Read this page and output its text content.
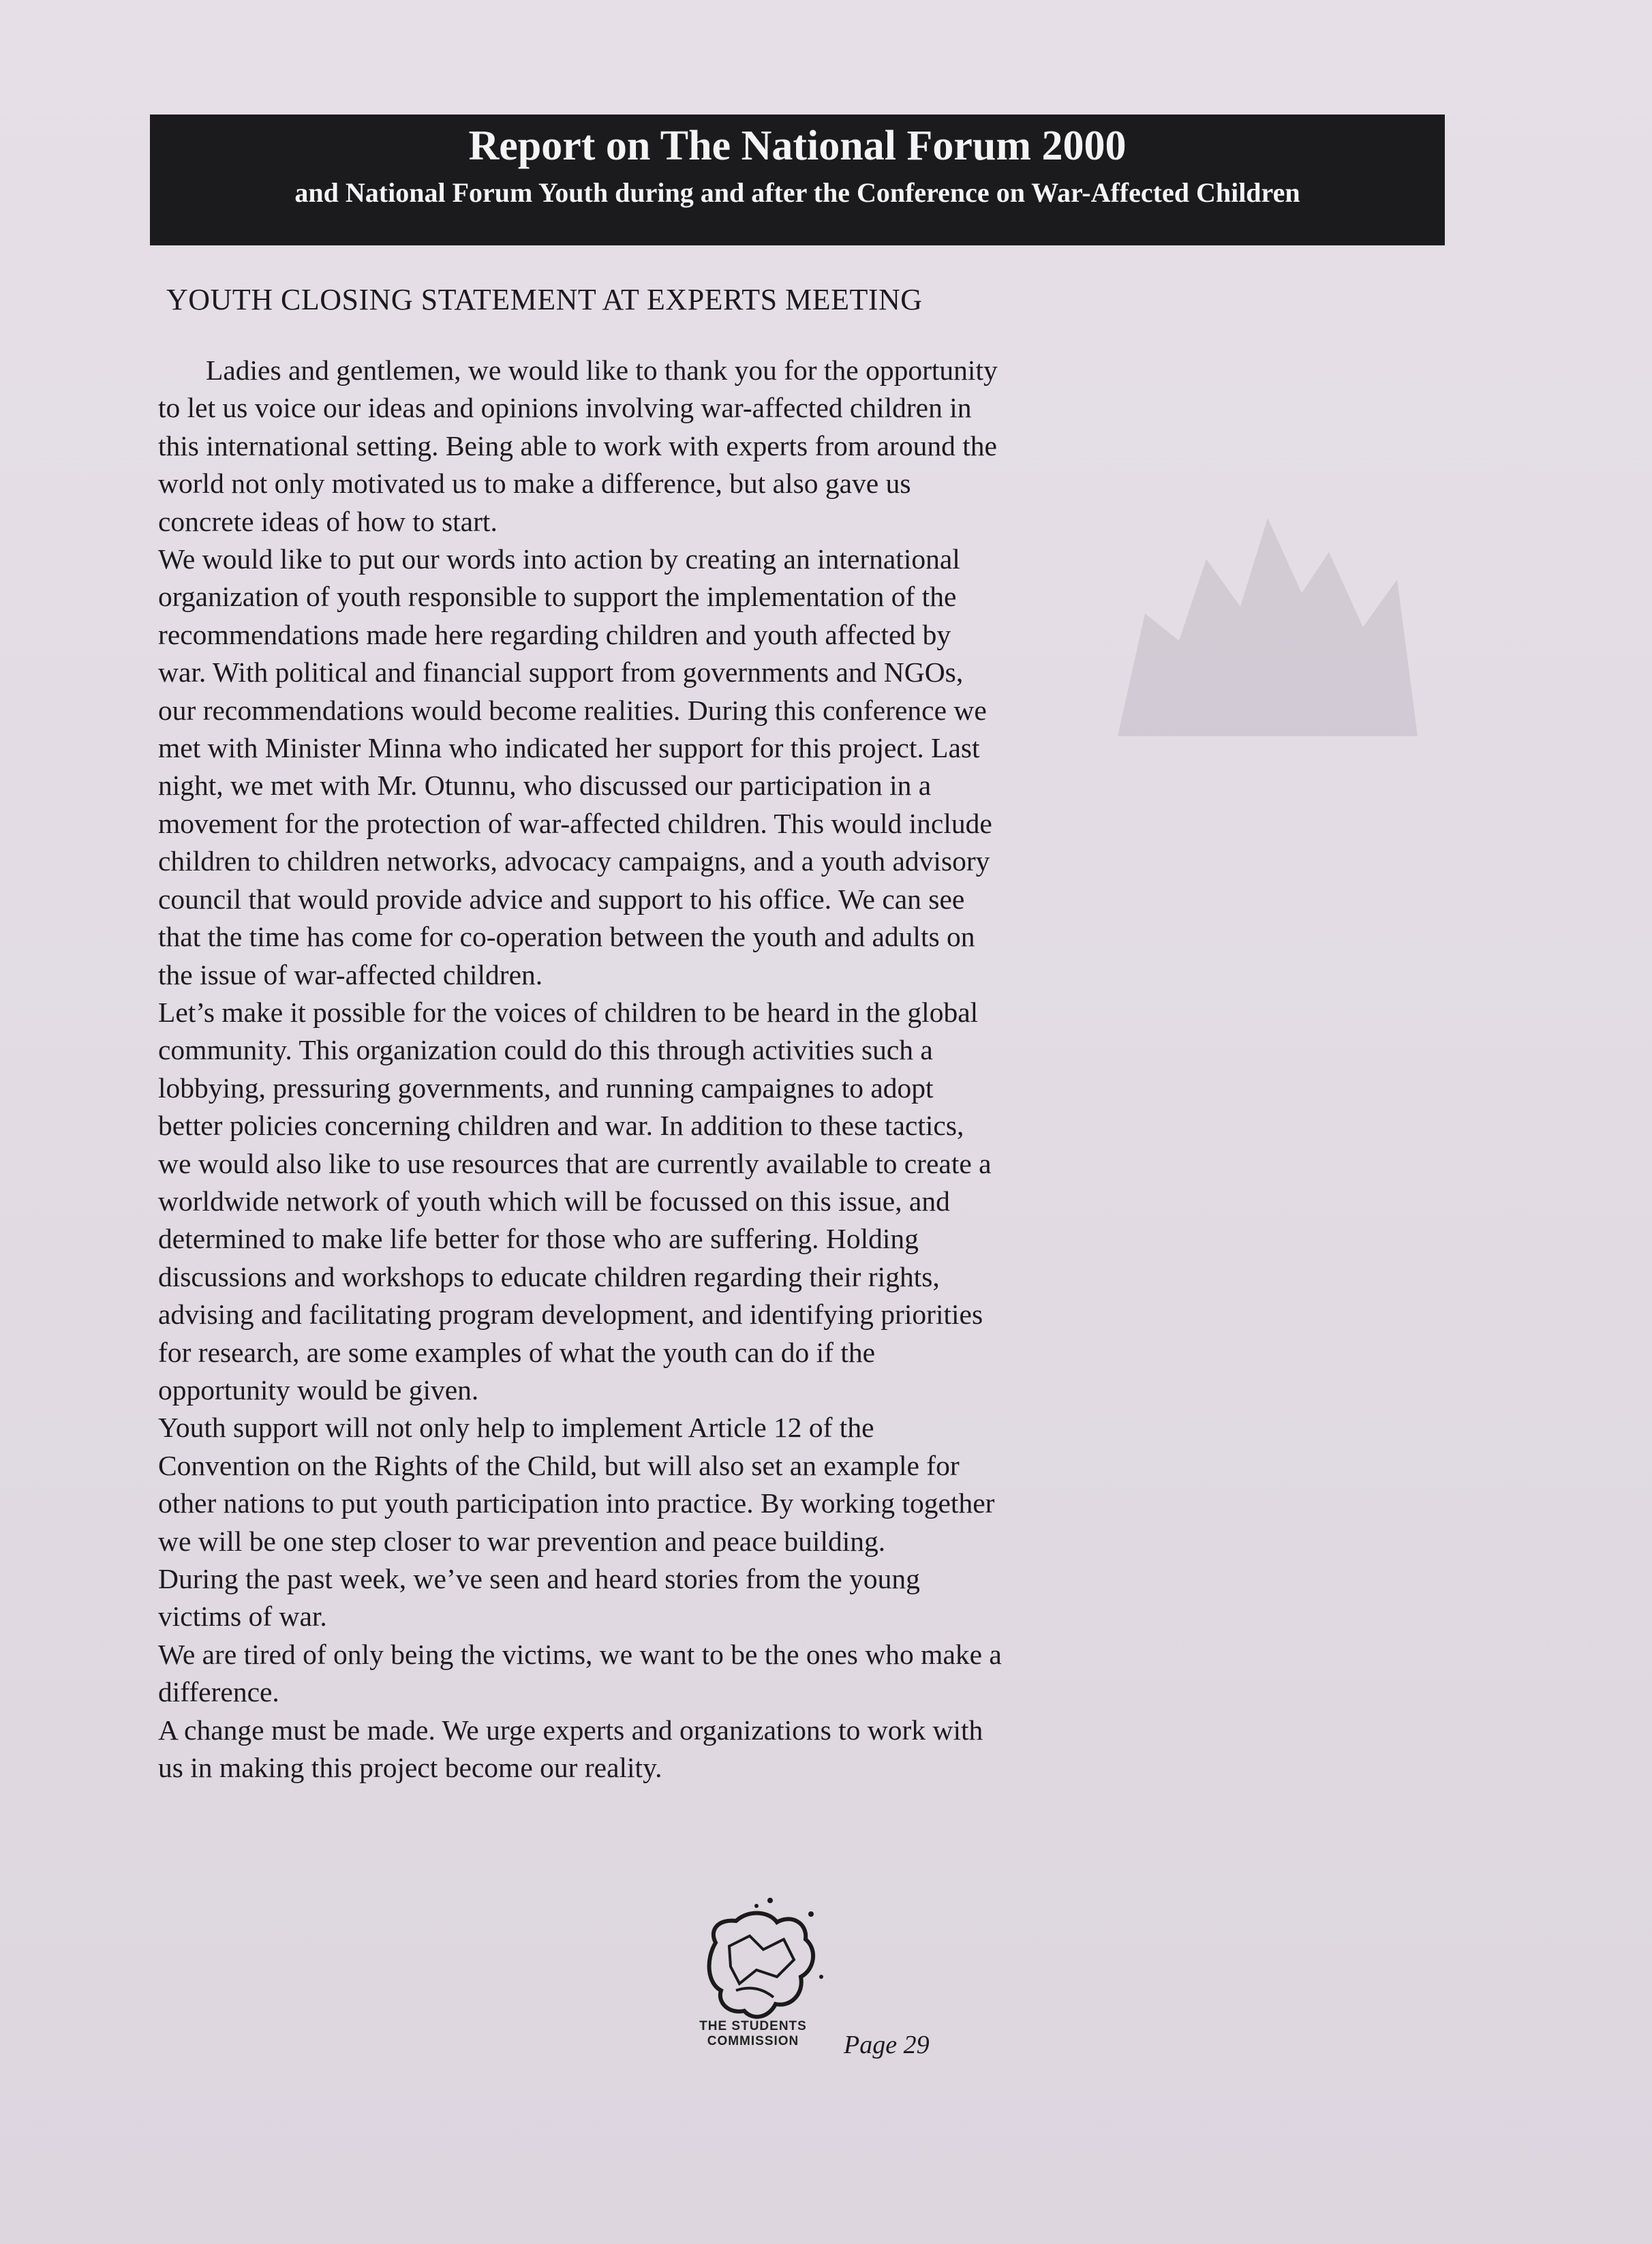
Report on The National Forum 2000

and National Forum Youth during and after the Conference on War-Affected Children

YOUTH CLOSING STATEMENT AT EXPERTS MEETING

Ladies and gentlemen, we would like to thank you for the opportunity

to let us voice our ideas and opinions involving war-affected children in

this international setting. Being able to work with experts from around the

world not only motivated us to make a difference, but also gave us

concrete ideas of how to start.

We would like to put our words into action by creating an international

organization of youth responsible to support the implementation of the

recommendations made here regarding children and youth affected by

war. With political and financial support from governments and NGOs,

our recommendations would become realities. During this conference we

met with Minister Minna who indicated her support for this project. Last

night, we met with Mr. Otunnu, who discussed our participation in a

movement for the protection of war-affected children. This would include

children to children networks, advocacy campaigns, and a youth advisory

council that would provide advice and support to his office. We can see

that the time has come for co-operation between the youth and adults on

the issue of war-affected children.

Let’s make it possible for the voices of children to be heard in the global

community. This organization could do this through activities such a

lobbying, pressuring governments, and running campaignes to adopt

better policies concerning children and war. In addition to these tactics,

we would also like to use resources that are currently available to create a

worldwide network of youth which will be focussed on this issue, and

determined to make life better for those who are suffering. Holding

discussions and workshops to educate children regarding their rights,

advising and facilitating program development, and identifying priorities

for research, are some examples of what the youth can do if the

opportunity would be given.

Youth support will not only help to implement Article 12 of the

Convention on the Rights of the Child, but will also set an example for

other nations to put youth participation into practice. By working together

we will be one step closer to war prevention and peace building.

During the past week, we’ve seen and heard stories from the young

victims of war.

We are tired of only being the victims, we want to be the ones who make a

difference.

A change must be made. We urge experts and organizations to work with

us in making this project become our reality.

THE STUDENTS
COMMISSION	Page 29
